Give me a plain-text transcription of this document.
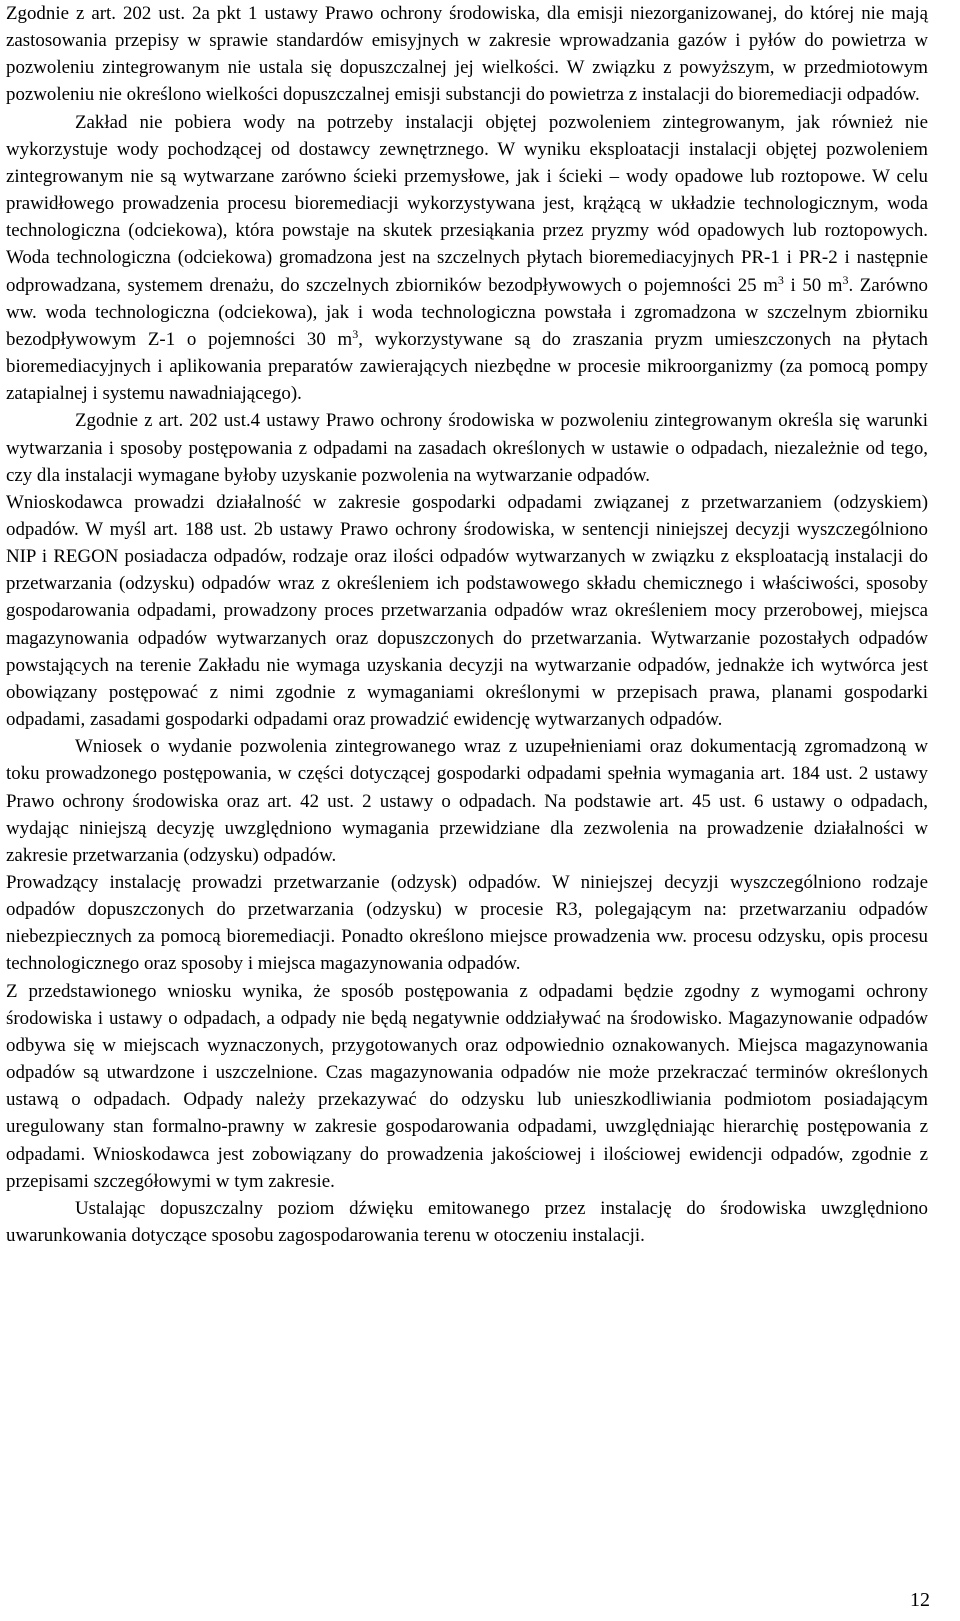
Zgodnie z art. 202 ust. 2a pkt 1 ustawy Prawo ochrony środowiska, dla emisji niezorganizowanej, do której nie mają zastosowania przepisy w sprawie standardów emisyjnych w zakresie wprowadzania gazów i pyłów do powietrza w pozwoleniu zintegrowanym nie ustala się dopuszczalnej jej wielkości. W związku z powyższym, w przedmiotowym pozwoleniu nie określono wielkości dopuszczalnej emisji substancji do powietrza z instalacji do bioremediacji odpadów.

Zakład nie pobiera wody na potrzeby instalacji objętej pozwoleniem zintegrowanym, jak również nie wykorzystuje wody pochodzącej od dostawcy zewnętrznego. W wyniku eksploatacji instalacji objętej pozwoleniem zintegrowanym nie są wytwarzane zarówno ścieki przemysłowe, jak i ścieki – wody opadowe lub roztopowe. W celu prawidłowego prowadzenia procesu bioremediacji wykorzystywana jest, krążącą w układzie technologicznym, woda technologiczna (odciekowa), która powstaje na skutek przesiąkania przez pryzmy wód opadowych lub roztopowych. Woda technologiczna (odciekowa) gromadzona jest na szczelnych płytach bioremediacyjnych PR-1 i PR-2 i następnie odprowadzana, systemem drenażu, do szczelnych zbiorników bezodpływowych o pojemności 25 $m^3$ i 50 $m^3$. Zarówno ww. woda technologiczna (odciekowa), jak i woda technologiczna powstała i zgromadzona w szczelnym zbiorniku bezodpływowym Z-1 o pojemności 30 $m^3$, wykorzystywane są do zraszania pryzm umieszczonych na płytach bioremediacyjnych i aplikowania preparatów zawierających niezbędne w procesie mikroorganizmy (za pomocą pompy zatapialnej i systemu nawadniającego).

Zgodnie z art. 202 ust.4 ustawy Prawo ochrony środowiska w pozwoleniu zintegrowanym określa się warunki wytwarzania i sposoby postępowania z odpadami na zasadach określonych w ustawie o odpadach, niezależnie od tego, czy dla instalacji wymagane byłoby uzyskanie pozwolenia na wytwarzanie odpadów.

Wnioskodawca prowadzi działalność w zakresie gospodarki odpadami związanej z przetwarzaniem (odzyskiem) odpadów. W myśl art. 188 ust. 2b ustawy Prawo ochrony środowiska, w sentencji niniejszej decyzji wyszczególniono NIP i REGON posiadacza odpadów, rodzaje oraz ilości odpadów wytwarzanych w związku z eksploatacją instalacji do przetwarzania (odzysku) odpadów wraz z określeniem ich podstawowego składu chemicznego i właściwości, sposoby gospodarowania odpadami, prowadzony proces przetwarzania odpadów wraz określeniem mocy przerobowej, miejsca magazynowania odpadów wytwarzanych oraz dopuszczonych do przetwarzania. Wytwarzanie pozostałych odpadów powstających na terenie Zakładu nie wymaga uzyskania decyzji na wytwarzanie odpadów, jednakże ich wytwórca jest obowiązany postępować z nimi zgodnie z wymaganiami określonymi w przepisach prawa, planami gospodarki odpadami, zasadami gospodarki odpadami oraz prowadzić ewidencję wytwarzanych odpadów.

Wniosek o wydanie pozwolenia zintegrowanego wraz z uzupełnieniami oraz dokumentacją zgromadzoną w toku prowadzonego postępowania, w części dotyczącej gospodarki odpadami spełnia wymagania art. 184 ust. 2 ustawy Prawo ochrony środowiska oraz art. 42 ust. 2 ustawy o odpadach. Na podstawie art. 45 ust. 6 ustawy o odpadach, wydając niniejszą decyzję uwzględniono wymagania przewidziane dla zezwolenia na prowadzenie działalności w zakresie przetwarzania (odzysku) odpadów.

Prowadzący instalację prowadzi przetwarzanie (odzysk) odpadów. W niniejszej decyzji wyszczególniono rodzaje odpadów dopuszczonych do przetwarzania (odzysku) w procesie R3, polegającym na: przetwarzaniu odpadów niebezpiecznych za pomocą bioremediacji. Ponadto określono miejsce prowadzenia ww. procesu odzysku, opis procesu technologicznego oraz sposoby i miejsca magazynowania odpadów.

Z przedstawionego wniosku wynika, że sposób postępowania z odpadami będzie zgodny z wymogami ochrony środowiska i ustawy o odpadach, a odpady nie będą negatywnie oddziaływać na środowisko. Magazynowanie odpadów odbywa się w miejscach wyznaczonych, przygotowanych oraz odpowiednio oznakowanych. Miejsca magazynowania odpadów są utwardzone i uszczelnione. Czas magazynowania odpadów nie może przekraczać terminów określonych ustawą o odpadach. Odpady należy przekazywać do odzysku lub unieszkodliwiania podmiotom posiadającym uregulowany stan formalno-prawny w zakresie gospodarowania odpadami, uwzględniając hierarchię postępowania z odpadami. Wnioskodawca jest zobowiązany do prowadzenia jakościowej i ilościowej ewidencji odpadów, zgodnie z przepisami szczegółowymi w tym zakresie.

Ustalając dopuszczalny poziom dźwięku emitowanego przez instalację do środowiska uwzględniono uwarunkowania dotyczące sposobu zagospodarowania terenu w otoczeniu instalacji.

12
